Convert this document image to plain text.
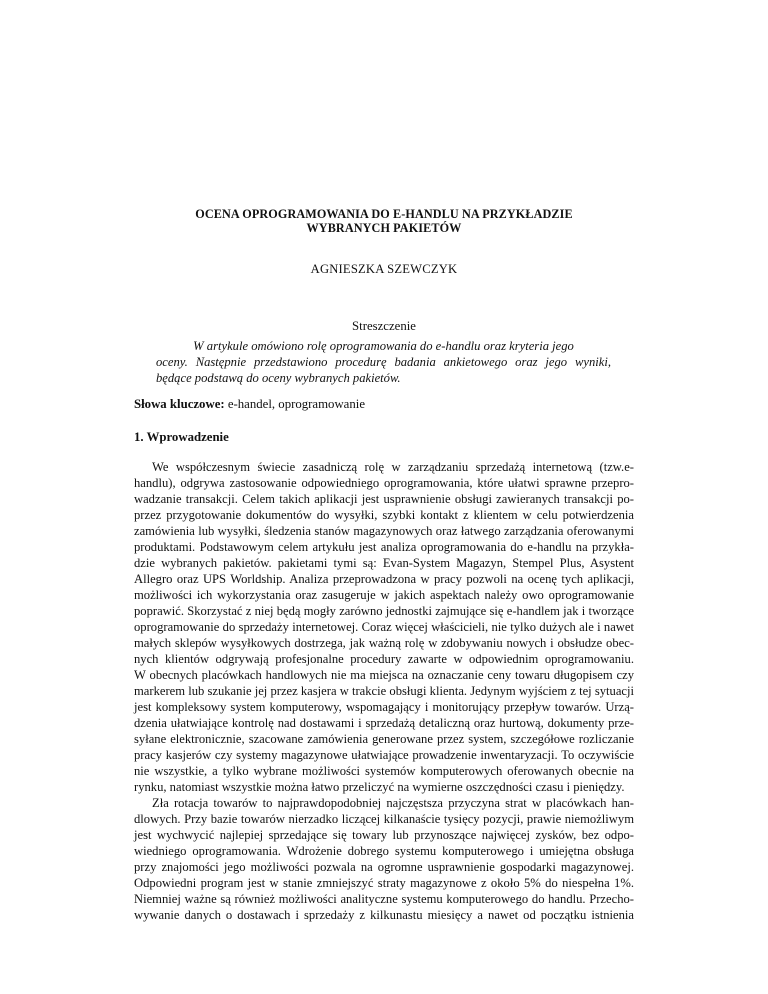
OCENA OPROGRAMOWANIA DO E-HANDLU NA PRZYKŁADZIE
WYBRANYCH PAKIETÓW
AGNIESZKA SZEWCZYK
Streszczenie
W artykule omówiono rolę oprogramowania do e-handlu oraz kryteria jego
oceny. Następnie przedstawiono procedurę badania ankietowego oraz jego wyniki,
będące podstawą do oceny wybranych pakietów.
Słowa kluczowe: e-handel, oprogramowanie
1. Wprowadzenie
We współczesnym świecie zasadniczą rolę w zarządzaniu sprzedażą internetową (tzw.e-
handlu), odgrywa zastosowanie odpowiedniego oprogramowania, które ułatwi sprawne przepro-
wadzanie transakcji. Celem takich aplikacji jest usprawnienie obsługi zawieranych transakcji po-
przez przygotowanie dokumentów do wysyłki, szybki kontakt z klientem w celu potwierdzenia
zamówienia lub wysyłki, śledzenia stanów magazynowych oraz łatwego zarządzania oferowanymi
produktami. Podstawowym celem artykułu jest analiza oprogramowania do e-handlu na przykła-
dzie wybranych pakietów. pakietami tymi są: Evan-System Magazyn, Stempel Plus, Asystent
Allegro oraz UPS Worldship. Analiza przeprowadzona w pracy pozwoli na ocenę tych aplikacji,
możliwości ich wykorzystania oraz zasugeruje w jakich aspektach należy owo oprogramowanie
poprawić. Skorzystać z niej będą mogły zarówno jednostki zajmujące się e-handlem jak i tworzące
oprogramowanie do sprzedaży internetowej. Coraz więcej właścicieli, nie tylko dużych ale i nawet
małych sklepów wysyłkowych dostrzega, jak ważną rolę w zdobywaniu nowych i obsłudze obec-
nych klientów odgrywają profesjonalne procedury zawarte w odpowiednim oprogramowaniu.
W obecnych placówkach handlowych nie ma miejsca na oznaczanie ceny towaru długopisem czy
markerem lub szukanie jej przez kasjera w trakcie obsługi klienta. Jedynym wyjściem z tej sytuacji
jest kompleksowy system komputerowy, wspomagający i monitorujący przepływ towarów. Urzą-
dzenia ułatwiające kontrolę nad dostawami i sprzedażą detaliczną oraz hurtową, dokumenty prze-
syłane elektronicznie, szacowane zamówienia generowane przez system, szczegółowe rozliczanie
pracy kasjerów czy systemy magazynowe ułatwiające prowadzenie inwentaryzacji. To oczywiście
nie wszystkie, a tylko wybrane możliwości systemów komputerowych oferowanych obecnie na
rynku, natomiast wszystkie można łatwo przeliczyć na wymierne oszczędności czasu i pieniędzy.
Zła rotacja towarów to najprawdopodobniej najczęstsza przyczyna strat w placówkach han-
dlowych. Przy bazie towarów nierzadko liczącej kilkanaście tysięcy pozycji, prawie niemożliwym
jest wychwycić najlepiej sprzedające się towary lub przynoszące najwięcej zysków, bez odpo-
wiedniego oprogramowania. Wdrożenie dobrego systemu komputerowego i umiejętna obsługa
przy znajomości jego możliwości pozwala na ogromne usprawnienie gospodarki magazynowej.
Odpowiedni program jest w stanie zmniejszyć straty magazynowe z około 5% do niespełna 1%.
Niemniej ważne są również możliwości analityczne systemu komputerowego do handlu. Przecho-
wywanie danych o dostawach i sprzedaży z kilkunastu miesięcy a nawet od początku istnienia
